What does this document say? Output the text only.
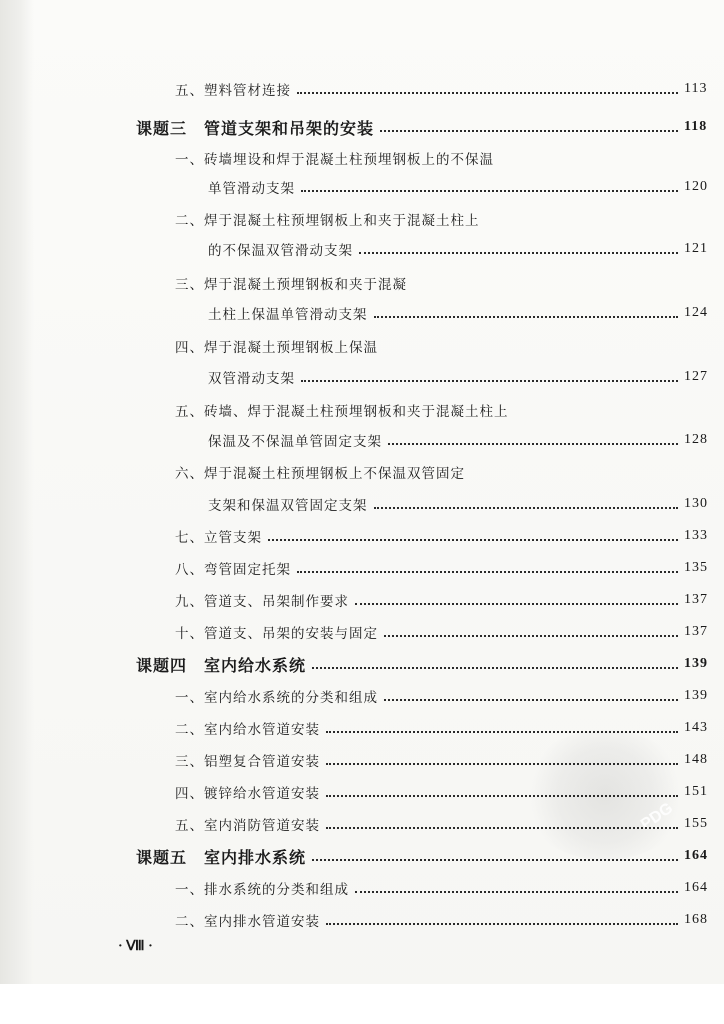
PDG
五、塑料管材连接	113
课题三　管道支架和吊架的安装	118
一、砖墙埋设和焊于混凝土柱预埋钢板上的不保温
单管滑动支架	120
二、焊于混凝土柱预埋钢板上和夹于混凝土柱上
的不保温双管滑动支架	121
三、焊于混凝土预埋钢板和夹于混凝
土柱上保温单管滑动支架	124
四、焊于混凝土预埋钢板上保温
双管滑动支架	127
五、砖墙、焊于混凝土柱预埋钢板和夹于混凝土柱上
保温及不保温单管固定支架	128
六、焊于混凝土柱预埋钢板上不保温双管固定
支架和保温双管固定支架	130
七、立管支架	133
八、弯管固定托架	135
九、管道支、吊架制作要求	137
十、管道支、吊架的安装与固定	137
课题四　室内给水系统	139
一、室内给水系统的分类和组成	139
二、室内给水管道安装	143
三、铝塑复合管道安装	148
四、镀锌给水管道安装	151
五、室内消防管道安装	155
课题五　室内排水系统	164
一、排水系统的分类和组成	164
二、室内排水管道安装	168
· Ⅷ ·
